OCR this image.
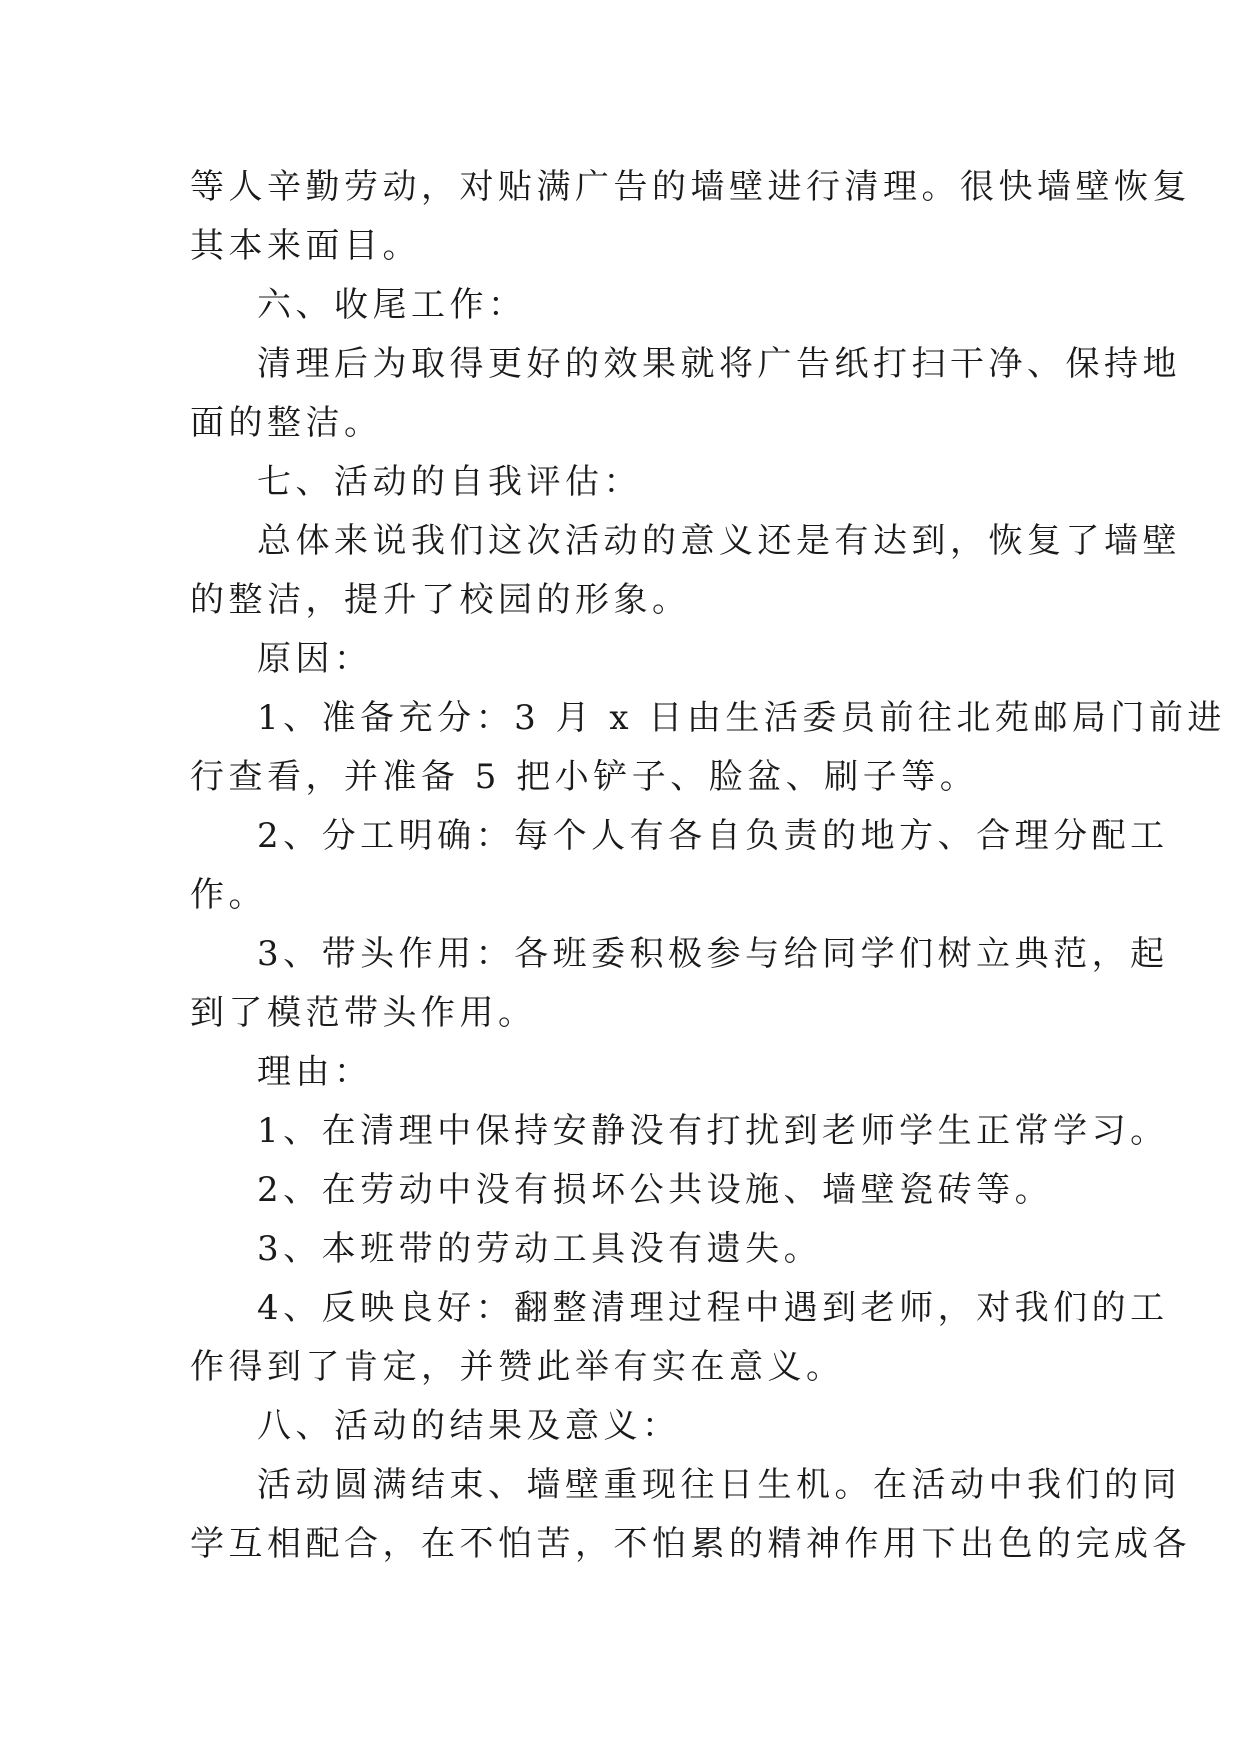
等人辛勤劳动，对贴满广告的墙壁进行清理。很快墙壁恢复

其本来面目。

六、收尾工作：

清理后为取得更好的效果就将广告纸打扫干净、保持地

面的整洁。

七、活动的自我评估：

总体来说我们这次活动的意义还是有达到，恢复了墙壁

的整洁，提升了校园的形象。

原因：

1、准备充分：3 月 x 日由生活委员前往北苑邮局门前进

行查看，并准备 5 把小铲子、脸盆、刷子等。

2、分工明确：每个人有各自负责的地方、合理分配工

作。

3、带头作用：各班委积极参与给同学们树立典范，起

到了模范带头作用。

理由：

1、在清理中保持安静没有打扰到老师学生正常学习。

2、在劳动中没有损坏公共设施、墙壁瓷砖等。

3、本班带的劳动工具没有遗失。

4、反映良好：翻整清理过程中遇到老师，对我们的工

作得到了肯定，并赞此举有实在意义。

八、活动的结果及意义：

活动圆满结束、墙壁重现往日生机。在活动中我们的同

学互相配合，在不怕苦，不怕累的精神作用下出色的完成各
